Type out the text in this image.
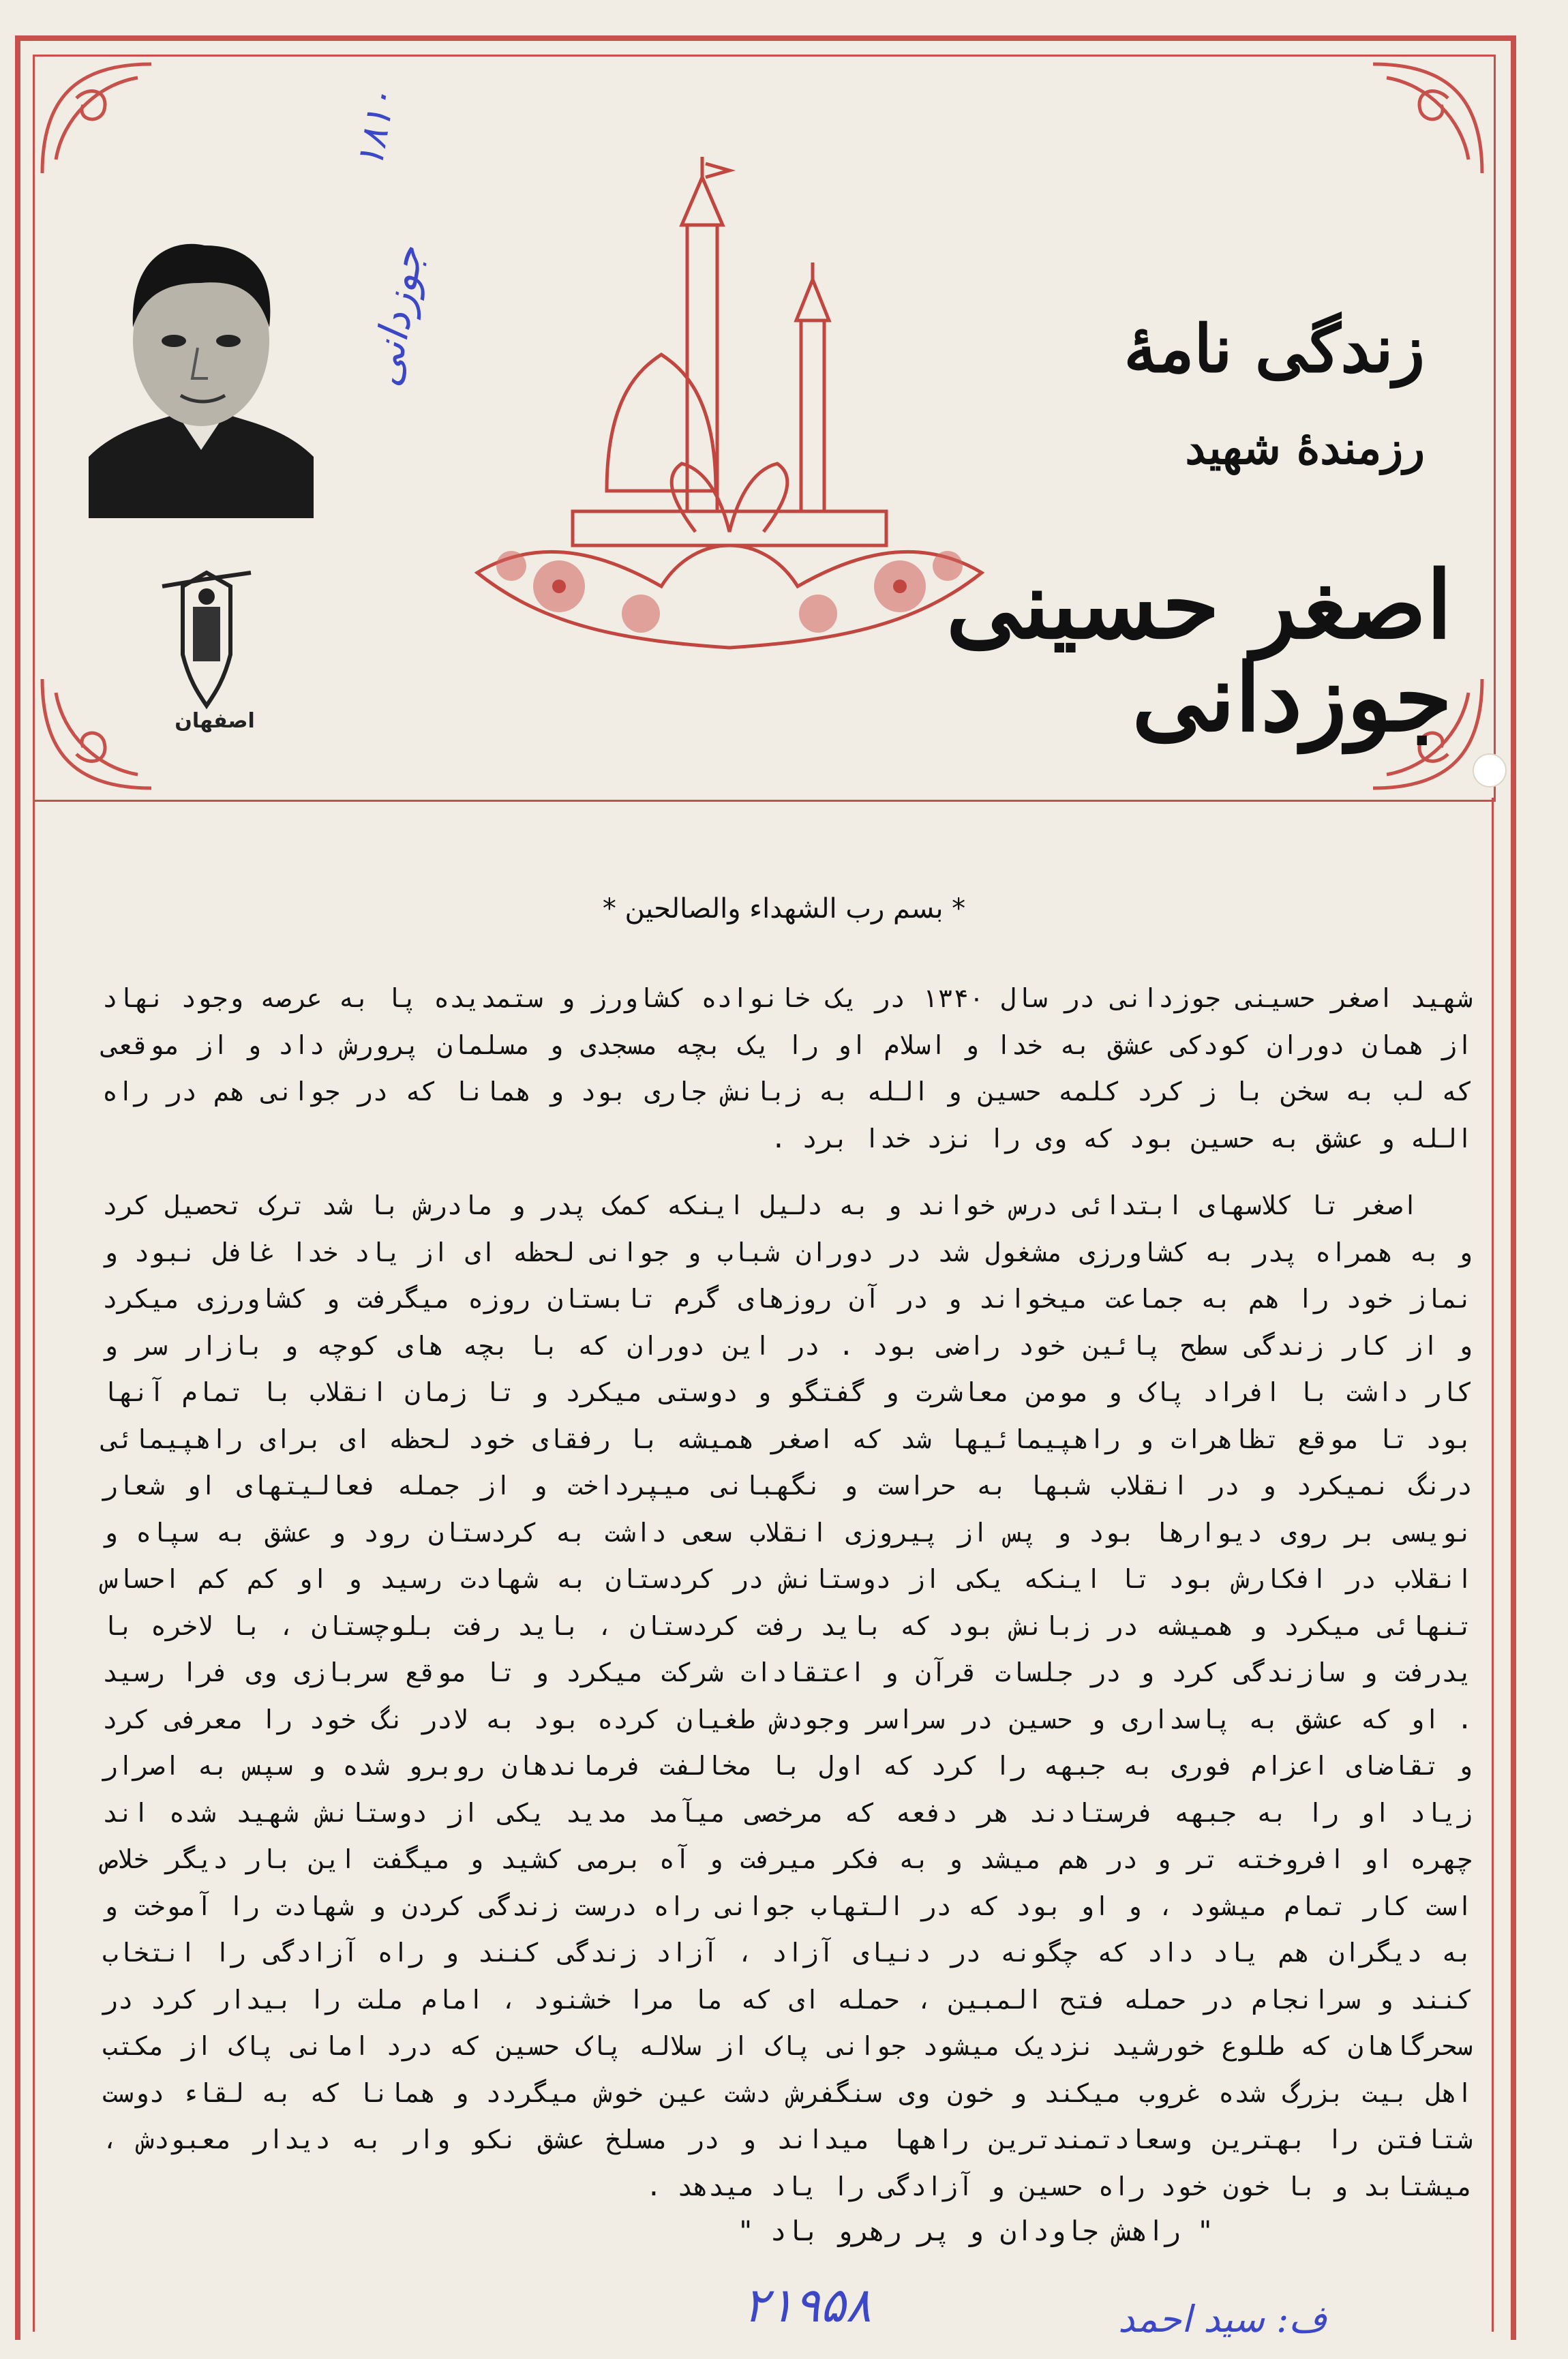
اصفهان
۱۸۱۰
جوزدانی	زندگی نامهٔ
رزمندهٔ شهید
اصغر حسینی جوزدانی
* بسم رب الشهداء والصالحین *

شهید اصغر حسینی جوزدانی در سال ۱۳۴۰ در یک خانواده کشاورز و ستمدیده پا به عرصه وجود نهاد از همان دوران کودکی عشق به خدا و اسلام او را یک بچه مسجدی و مسلمان پرورش داد و از موقعی که لب به سخن با ز کرد کلمه حسین و الله به زبانش جاری بود و همانا که در جوانی هم در راه الله و عشق به حسین بود که وی را نزد خدا برد .

اصغر تا کلاسهای ابتدائی درس خواند و به دلیل اینکه کمک پدر و مادرش با شد ترک تحصیل کرد و به همراه پدر به کشاورزی مشغول شد در دوران شباب و جوانی لحظه ای از یاد خدا غافل نبود و نماز خود را هم به جماعت میخواند و در آن روزهای گرم تابستان روزه میگرفت و کشاورزی میکرد و از کار زندگی سطح پائین خود راضی بود . در این دوران که با بچه های کوچه و بازار سر و کار داشت با افراد پاک و مومن معاشرت و گفتگو و دوستی میکرد و تا زمان انقلاب با تمام آنها بود تا موقع تظاهرات و راهپیمائیها شد که اصغر همیشه با رفقای خود لحظه ای برای راهپیمائی درنگ نمیکرد و در انقلاب شبها به حراست و نگهبانی میپرداخت و از جمله فعالیتهای او شعار نویسی بر روی دیوارها بود و پس از پیروزی انقلاب سعی داشت به کردستان رود و عشق به سپاه و انقلاب در افکارش بود تا اینکه یکی از دوستانش در کردستان به شهادت رسید و او کم کم احساس تنهائی میکرد و همیشه در زبانش بود که باید رفت کردستان ، باید رفت بلوچستان ، با لاخره با یدرفت و سازندگی کرد و در جلسات قرآن و اعتقادات شرکت میکرد و تا موقع سربازی وی فرا رسید . او که عشق به پاسداری و حسین در سراسر وجودش طغیان کرده بود به لادر نگ خود را معرفی کرد و تقاضای اعزام فوری به جبهه را کرد که اول با مخالفت فرماندهان روبرو شده و سپس به اصرار زیاد او را به جبهه فرستادند هر دفعه که مرخصی میآمد مدید یکی از دوستانش شهید شده اند چهره او افروخته تر و در هم میشد و به فکر میرفت و آه برمی کشید و میگفت این بار دیگر خلاص است کار تمام میشود ، و او بود که در التهاب جوانی راه درست زندگی کردن و شهادت را آموخت و به دیگران هم یاد داد که چگونه در دنیای آزاد ، آزاد زندگی کنند و راه آزادگی را انتخاب کنند و سرانجام در حمله فتح المبین ، حمله ای که ما مرا خشنود ، امام ملت را بیدار کرد در سحرگاهان که طلوع خورشید نزدیک میشود جوانی پاک از سلاله پاک حسین که درد امانی پاک از مکتب اهل بیت بزرگ شده غروب میکند و خون وی سنگفرش دشت عین خوش میگردد و همانا که به لقاء دوست شتافتن را بهترین وسعادتمندترین راهها میداند و در مسلخ عشق نکو وار به دیدار معبودش ، میشتابد و با خون خود راه حسین و آزادگی را یاد میدهد .

" راهش جاودان و پر رهرو باد "
۲۱۹۵۸	ف: سید احمد
